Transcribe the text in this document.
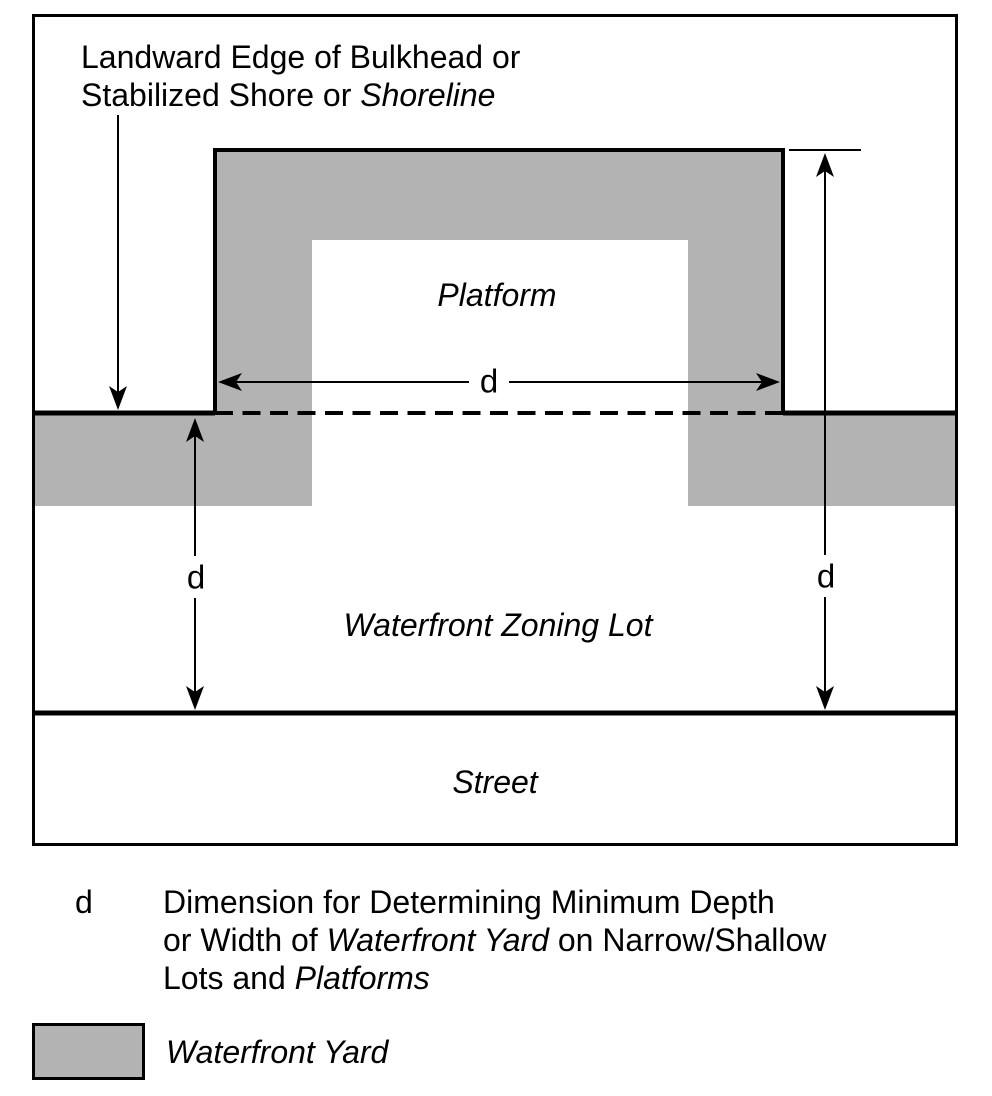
Landward Edge of Bulkhead or
Stabilized Shore or Shoreline
Platform
d
d	d
Waterfront Zoning Lot
Street
d Dimension for Determining Minimum Depth
or Width of Waterfront Yard on Narrow/Shallow
Lots and Platforms
Waterfront Yard
